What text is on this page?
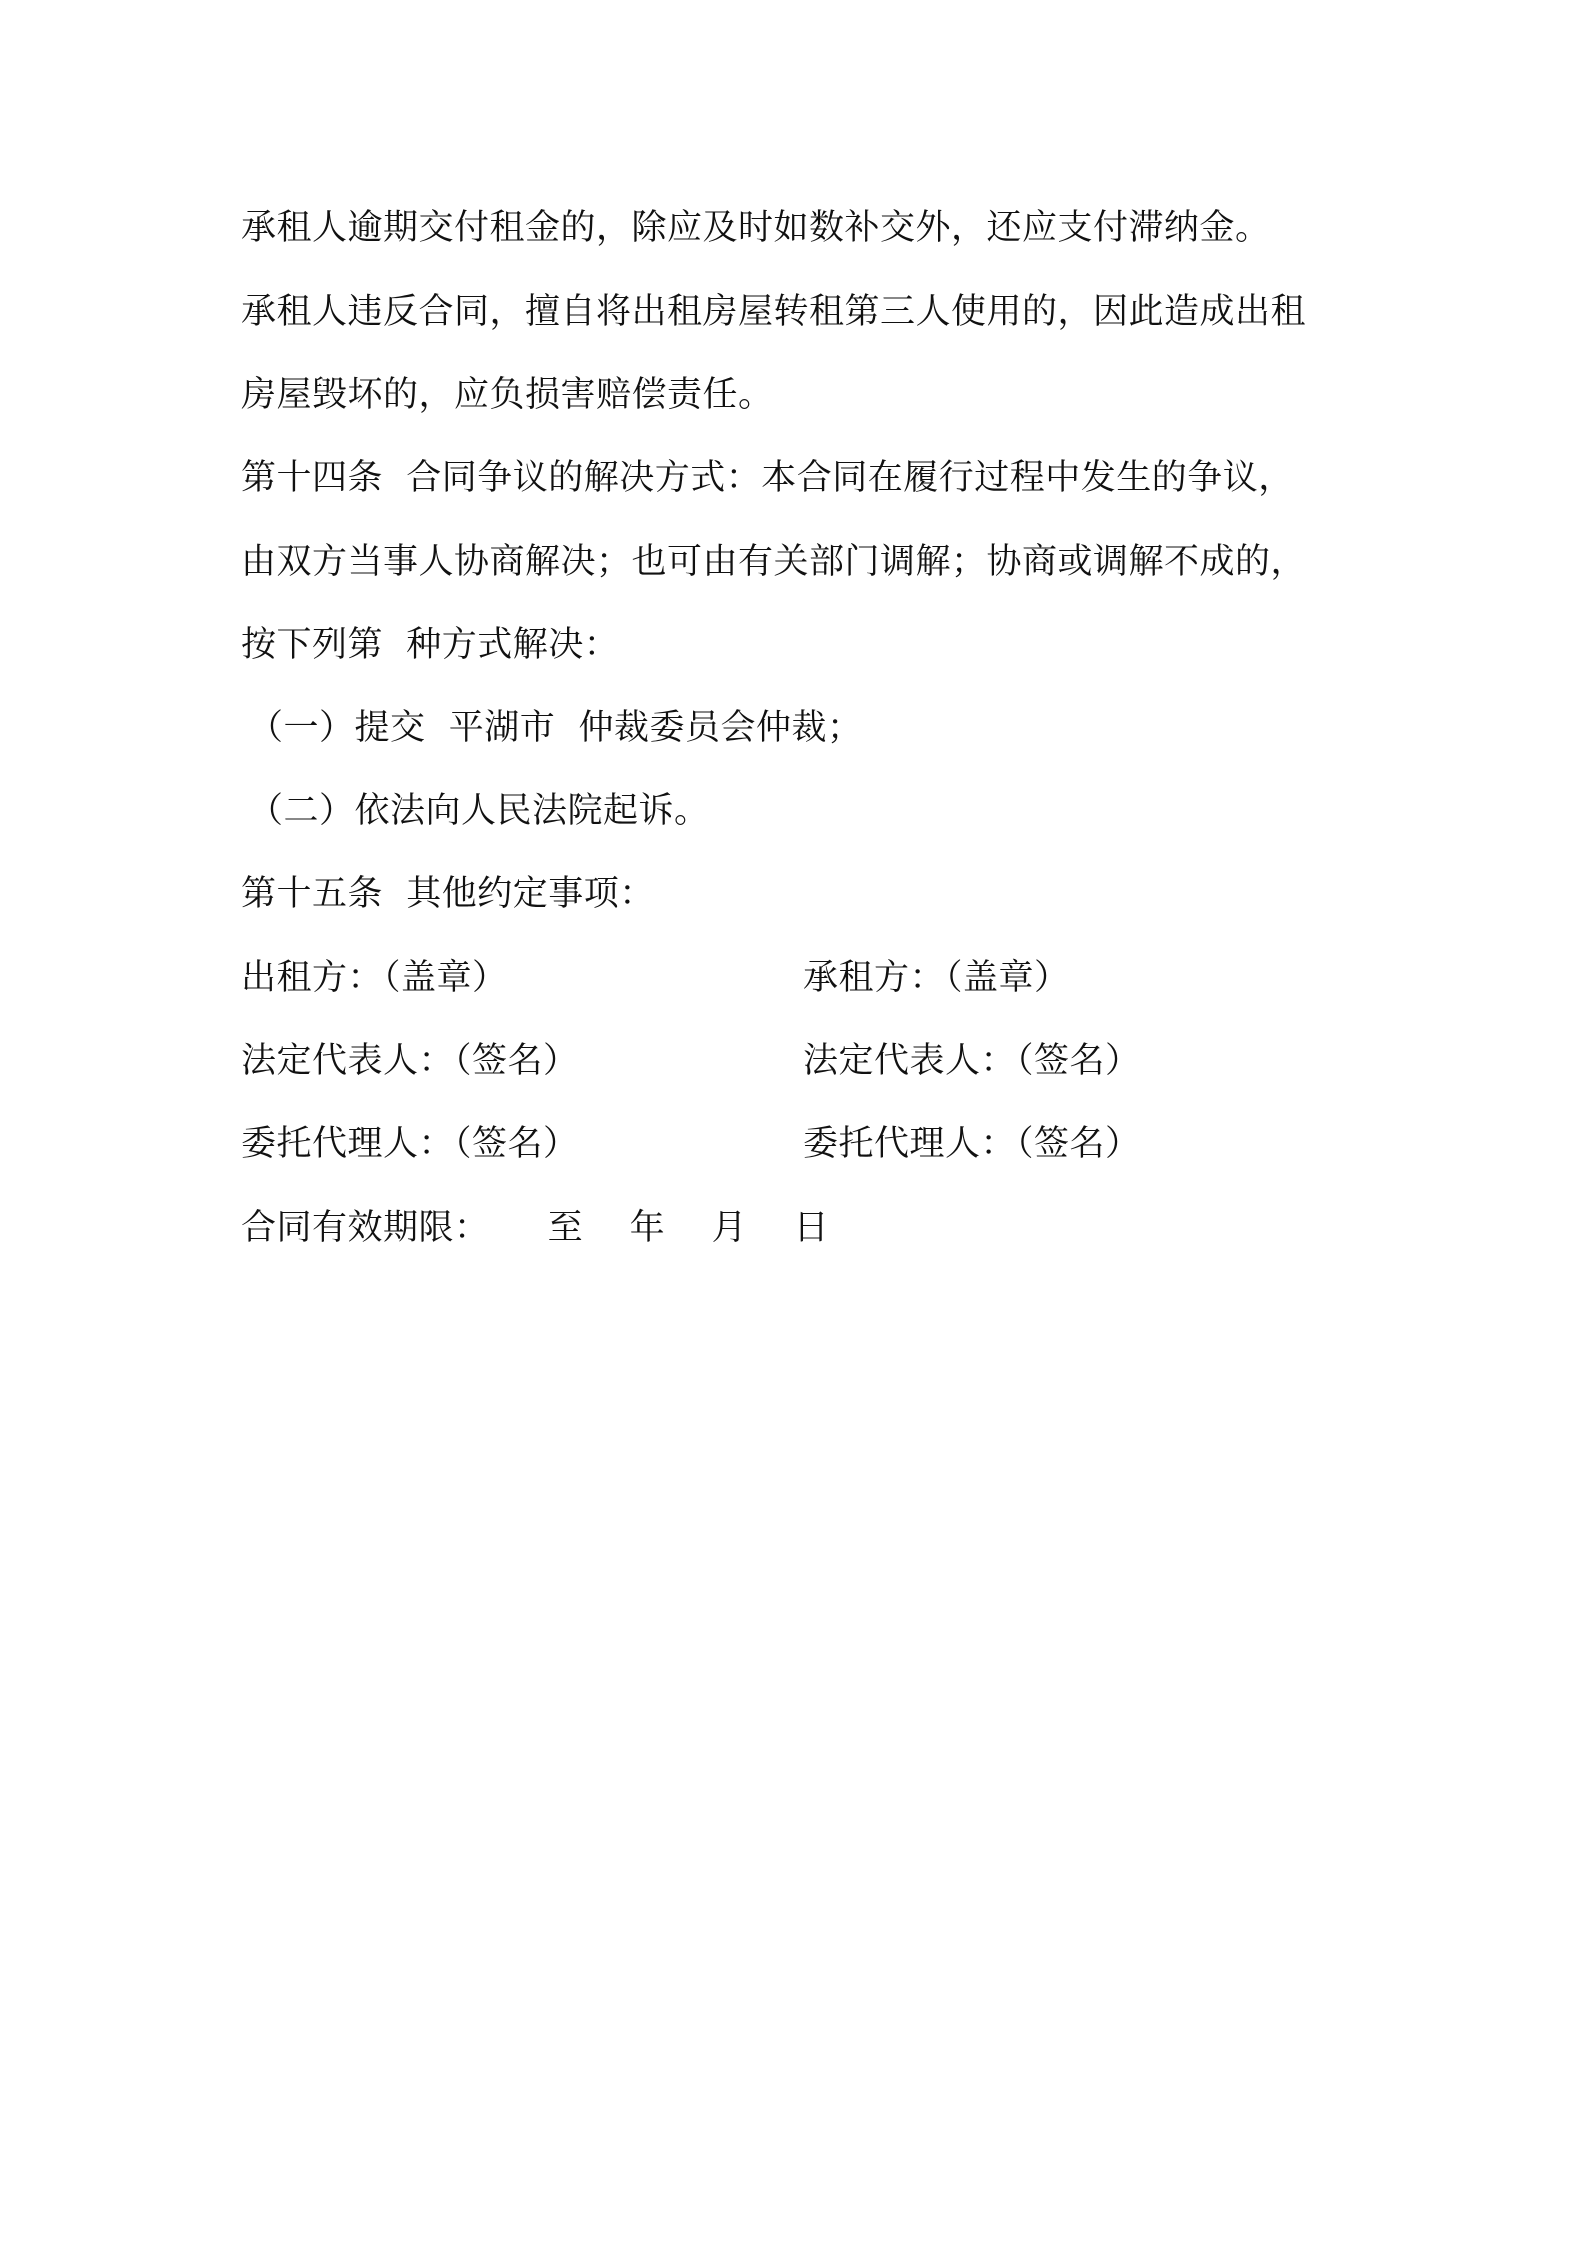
承租人逾期交付租金的，除应及时如数补交外，还应支付滞纳金。
承租人违反合同，擅自将出租房屋转租第三人使用的，因此造成出租
房屋毁坏的，应负损害赔偿责任。
第十四条  合同争议的解决方式：本合同在履行过程中发生的争议，
由双方当事人协商解决；也可由有关部门调解；协商或调解不成的，
按下列第  种方式解决：
（一）提交  平湖市  仲裁委员会仲裁；
（二）依法向人民法院起诉。
第十五条  其他约定事项：
出租方：（盖章）	承租方：（盖章）
法定代表人：（签名）	法定代表人：（签名）
委托代理人：（签名）	委托代理人：（签名）
合同有效期限：     至    年    月    日
